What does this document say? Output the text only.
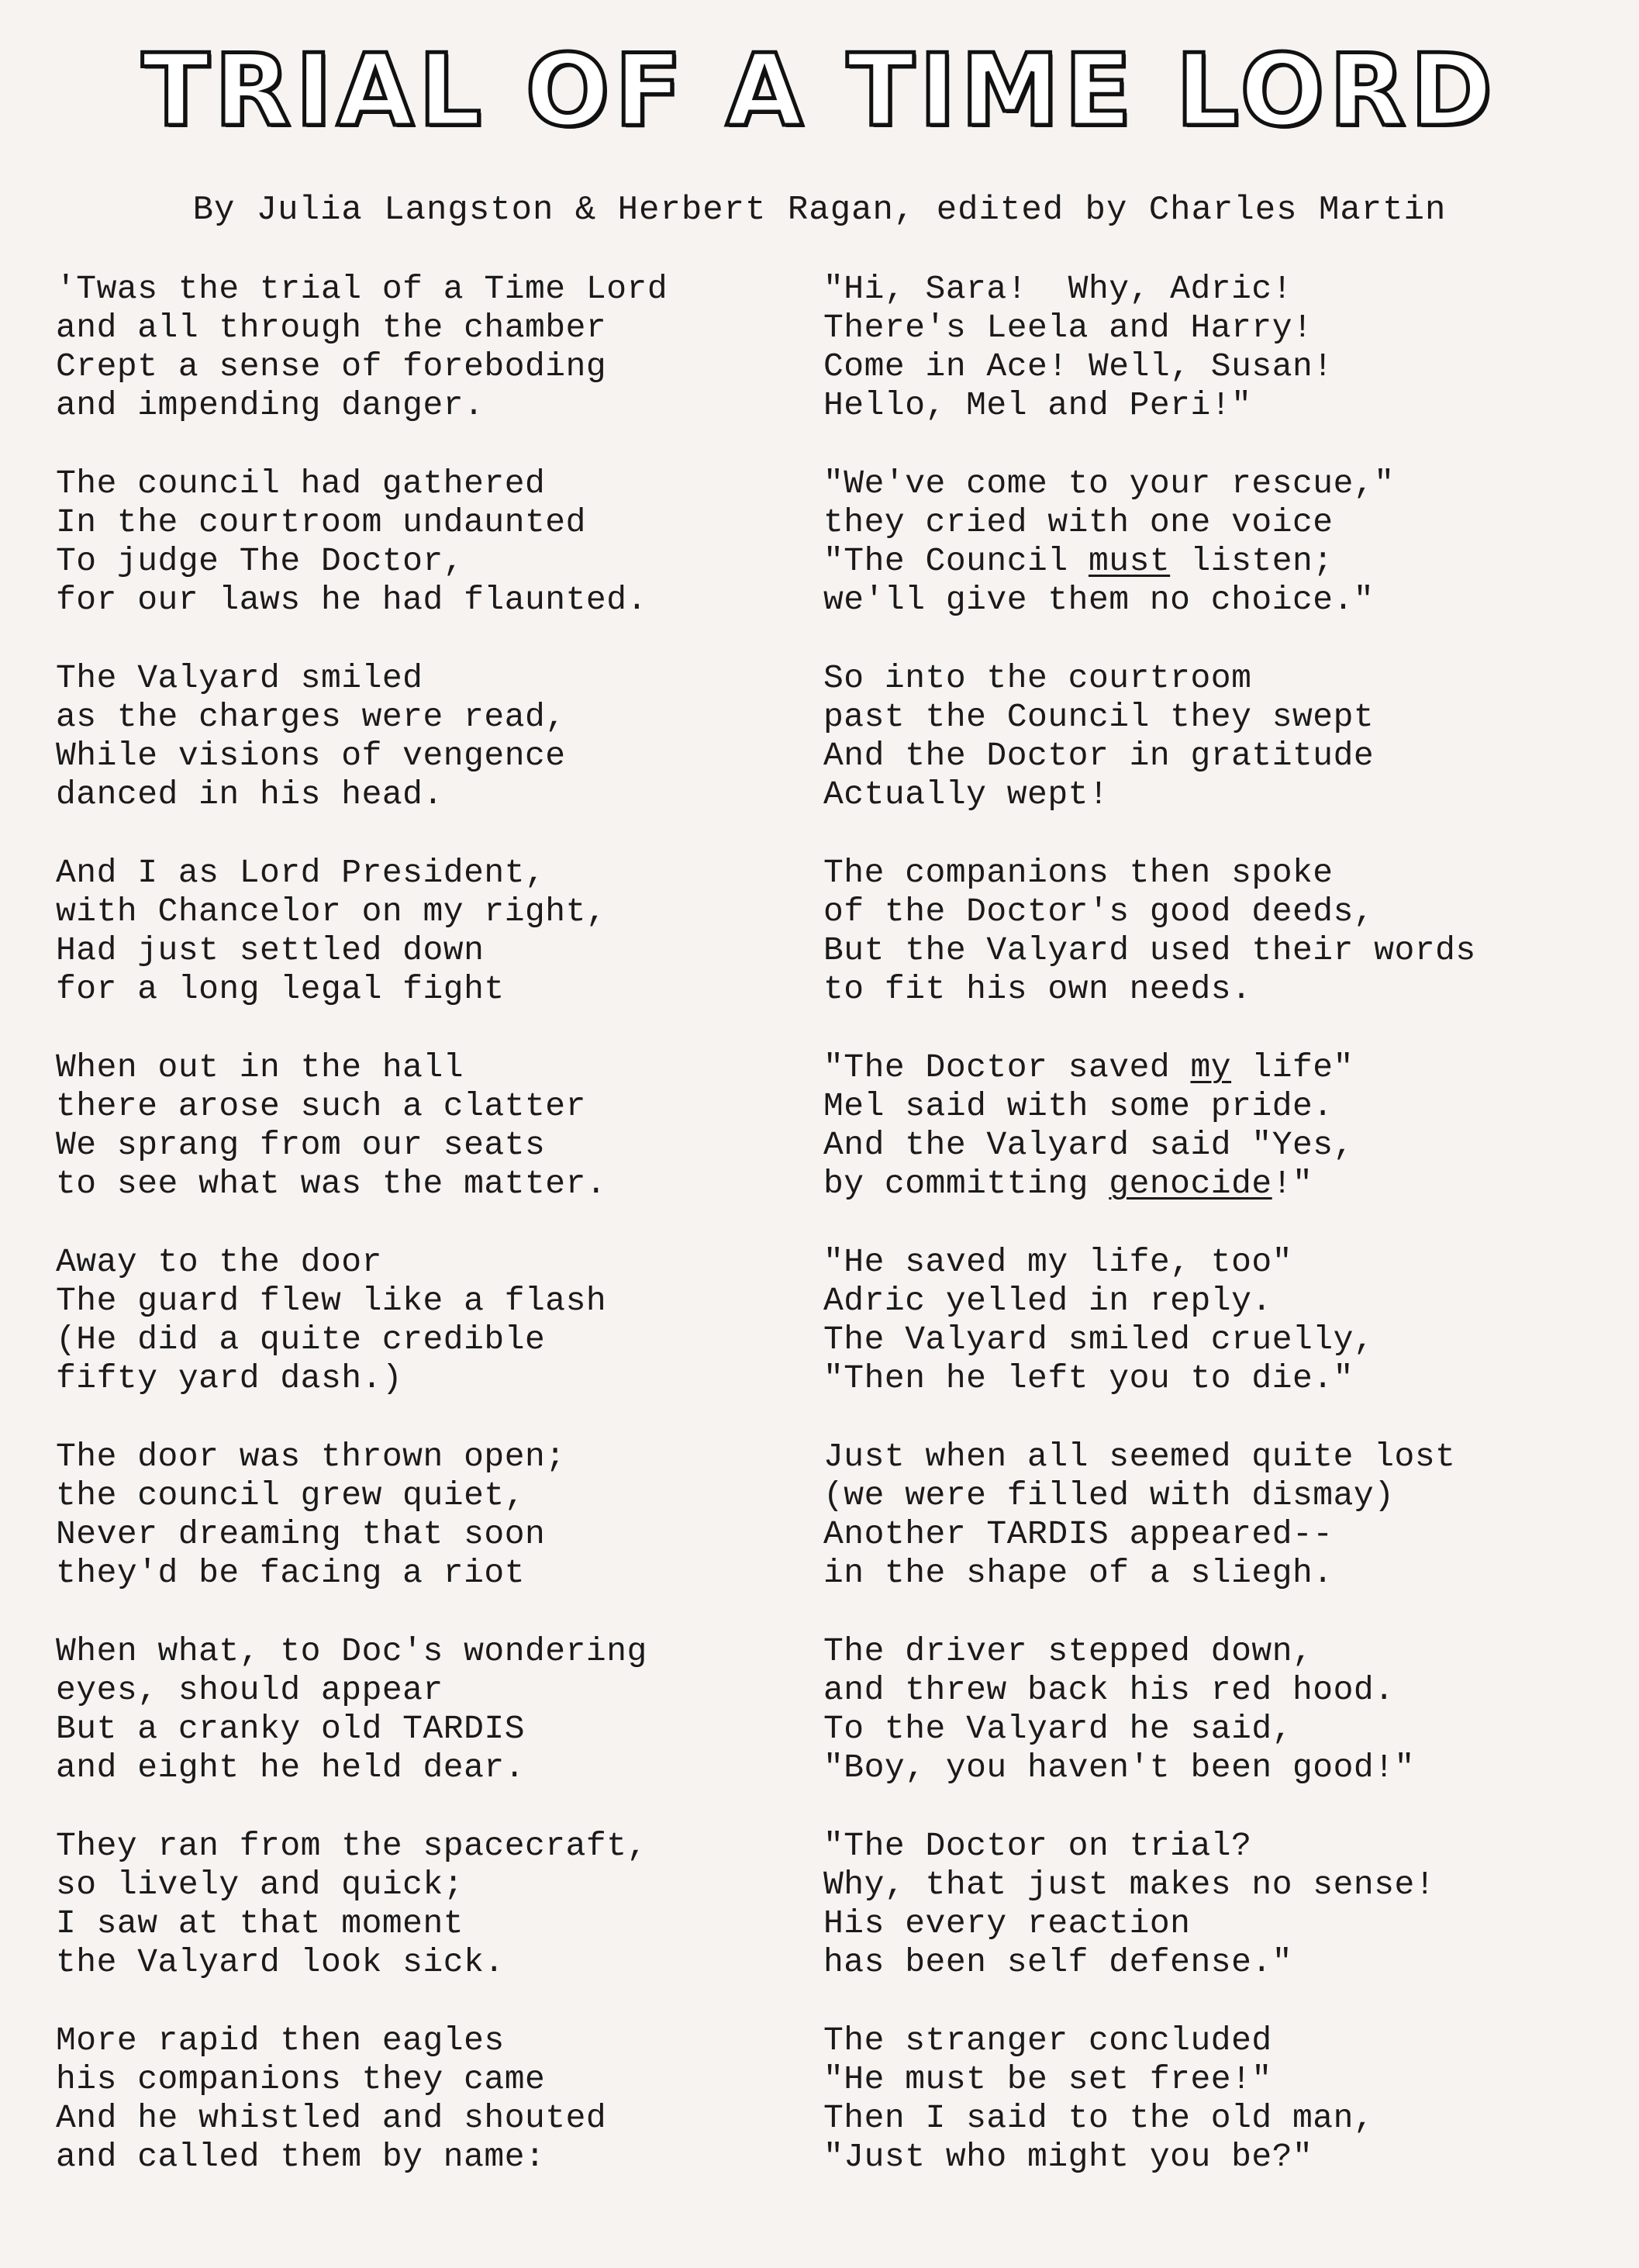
TRIAL OF A TIME LORD
By Julia Langston & Herbert Ragan, edited by Charles Martin
'Twas the trial of a Time Lord
and all through the chamber
Crept a sense of foreboding
and impending danger.
The council had gathered
In the courtroom undaunted
To judge The Doctor,
for our laws he had flaunted.
The Valyard smiled
as the charges were read,
While visions of vengence
danced in his head.
And I as Lord President,
with Chancelor on my right,
Had just settled down
for a long legal fight
When out in the hall
there arose such a clatter
We sprang from our seats
to see what was the matter.
Away to the door
The guard flew like a flash
(He did a quite credible
fifty yard dash.)
The door was thrown open;
the council grew quiet,
Never dreaming that soon
they'd be facing a riot
When what, to Doc's wondering
eyes, should appear
But a cranky old TARDIS
and eight he held dear.
They ran from the spacecraft,
so lively and quick;
I saw at that moment
the Valyard look sick.
More rapid then eagles
his companions they came
And he whistled and shouted
and called them by name:
"Hi, Sara!  Why, Adric!
There's Leela and Harry!
Come in Ace! Well, Susan!
Hello, Mel and Peri!"
"We've come to your rescue,"
they cried with one voice
"The Council must listen;
we'll give them no choice."
So into the courtroom
past the Council they swept
And the Doctor in gratitude
Actually wept!
The companions then spoke
of the Doctor's good deeds,
But the Valyard used their words
to fit his own needs.
"The Doctor saved my life"
Mel said with some pride.
And the Valyard said "Yes,
by committing genocide!"
"He saved my life, too"
Adric yelled in reply.
The Valyard smiled cruelly,
"Then he left you to die."
Just when all seemed quite lost
(we were filled with dismay)
Another TARDIS appeared--
in the shape of a sliegh.
The driver stepped down,
and threw back his red hood.
To the Valyard he said,
"Boy, you haven't been good!"
"The Doctor on trial?
Why, that just makes no sense!
His every reaction
has been self defense."
The stranger concluded
"He must be set free!"
Then I said to the old man,
"Just who might you be?"
